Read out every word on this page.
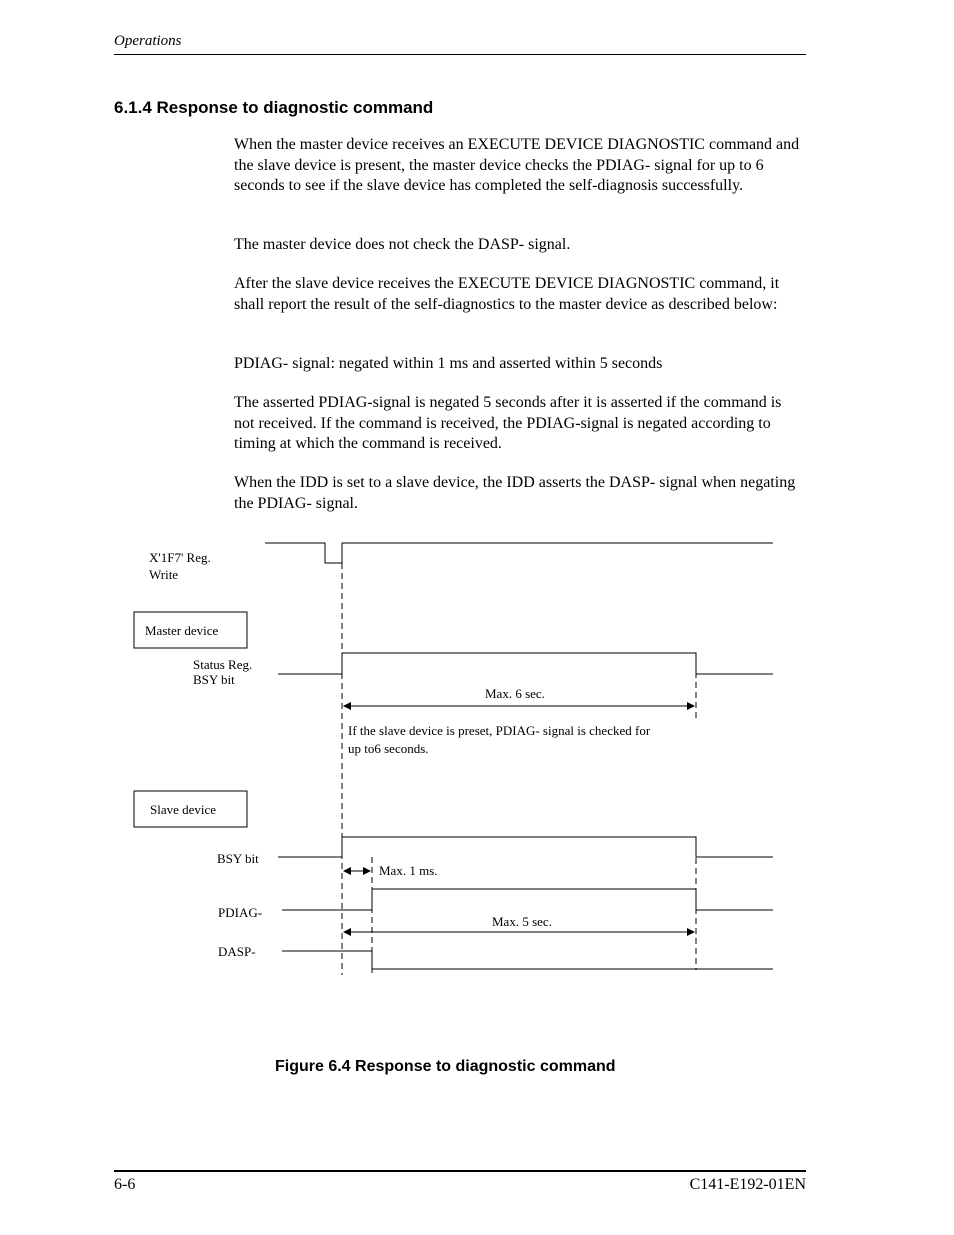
Operations
6.1.4 Response to diagnostic command

When the master device receives an EXECUTE DEVICE DIAGNOSTIC command and the slave device is present, the master device checks the PDIAG- signal for up to 6 seconds to see if the slave device has completed the self-diagnosis successfully.

The master device does not check the DASP- signal.

After the slave device receives the EXECUTE DEVICE DIAGNOSTIC command, it shall report the result of the self-diagnostics to the master device as described below:

PDIAG- signal: negated within 1 ms and asserted within 5 seconds

The asserted PDIAG-signal is negated 5 seconds after it is asserted if the command is not received. If the command is received, the PDIAG-signal is negated according to timing at which the command is received.

When the IDD is set to a slave device, the IDD asserts the DASP- signal when negating the PDIAG- signal.

X'1F7' Reg.
Write
Master device
Status Reg.
BSY bit
Max. 6 sec.
If the slave device is preset, PDIAG- signal is checked for
up to6 seconds.
Slave device
BSY bit
Max. 1 ms.
PDIAG-
Max. 5 sec.
DASP-
Figure 6.4 Response to diagnostic command
6-6	C141-E192-01EN
